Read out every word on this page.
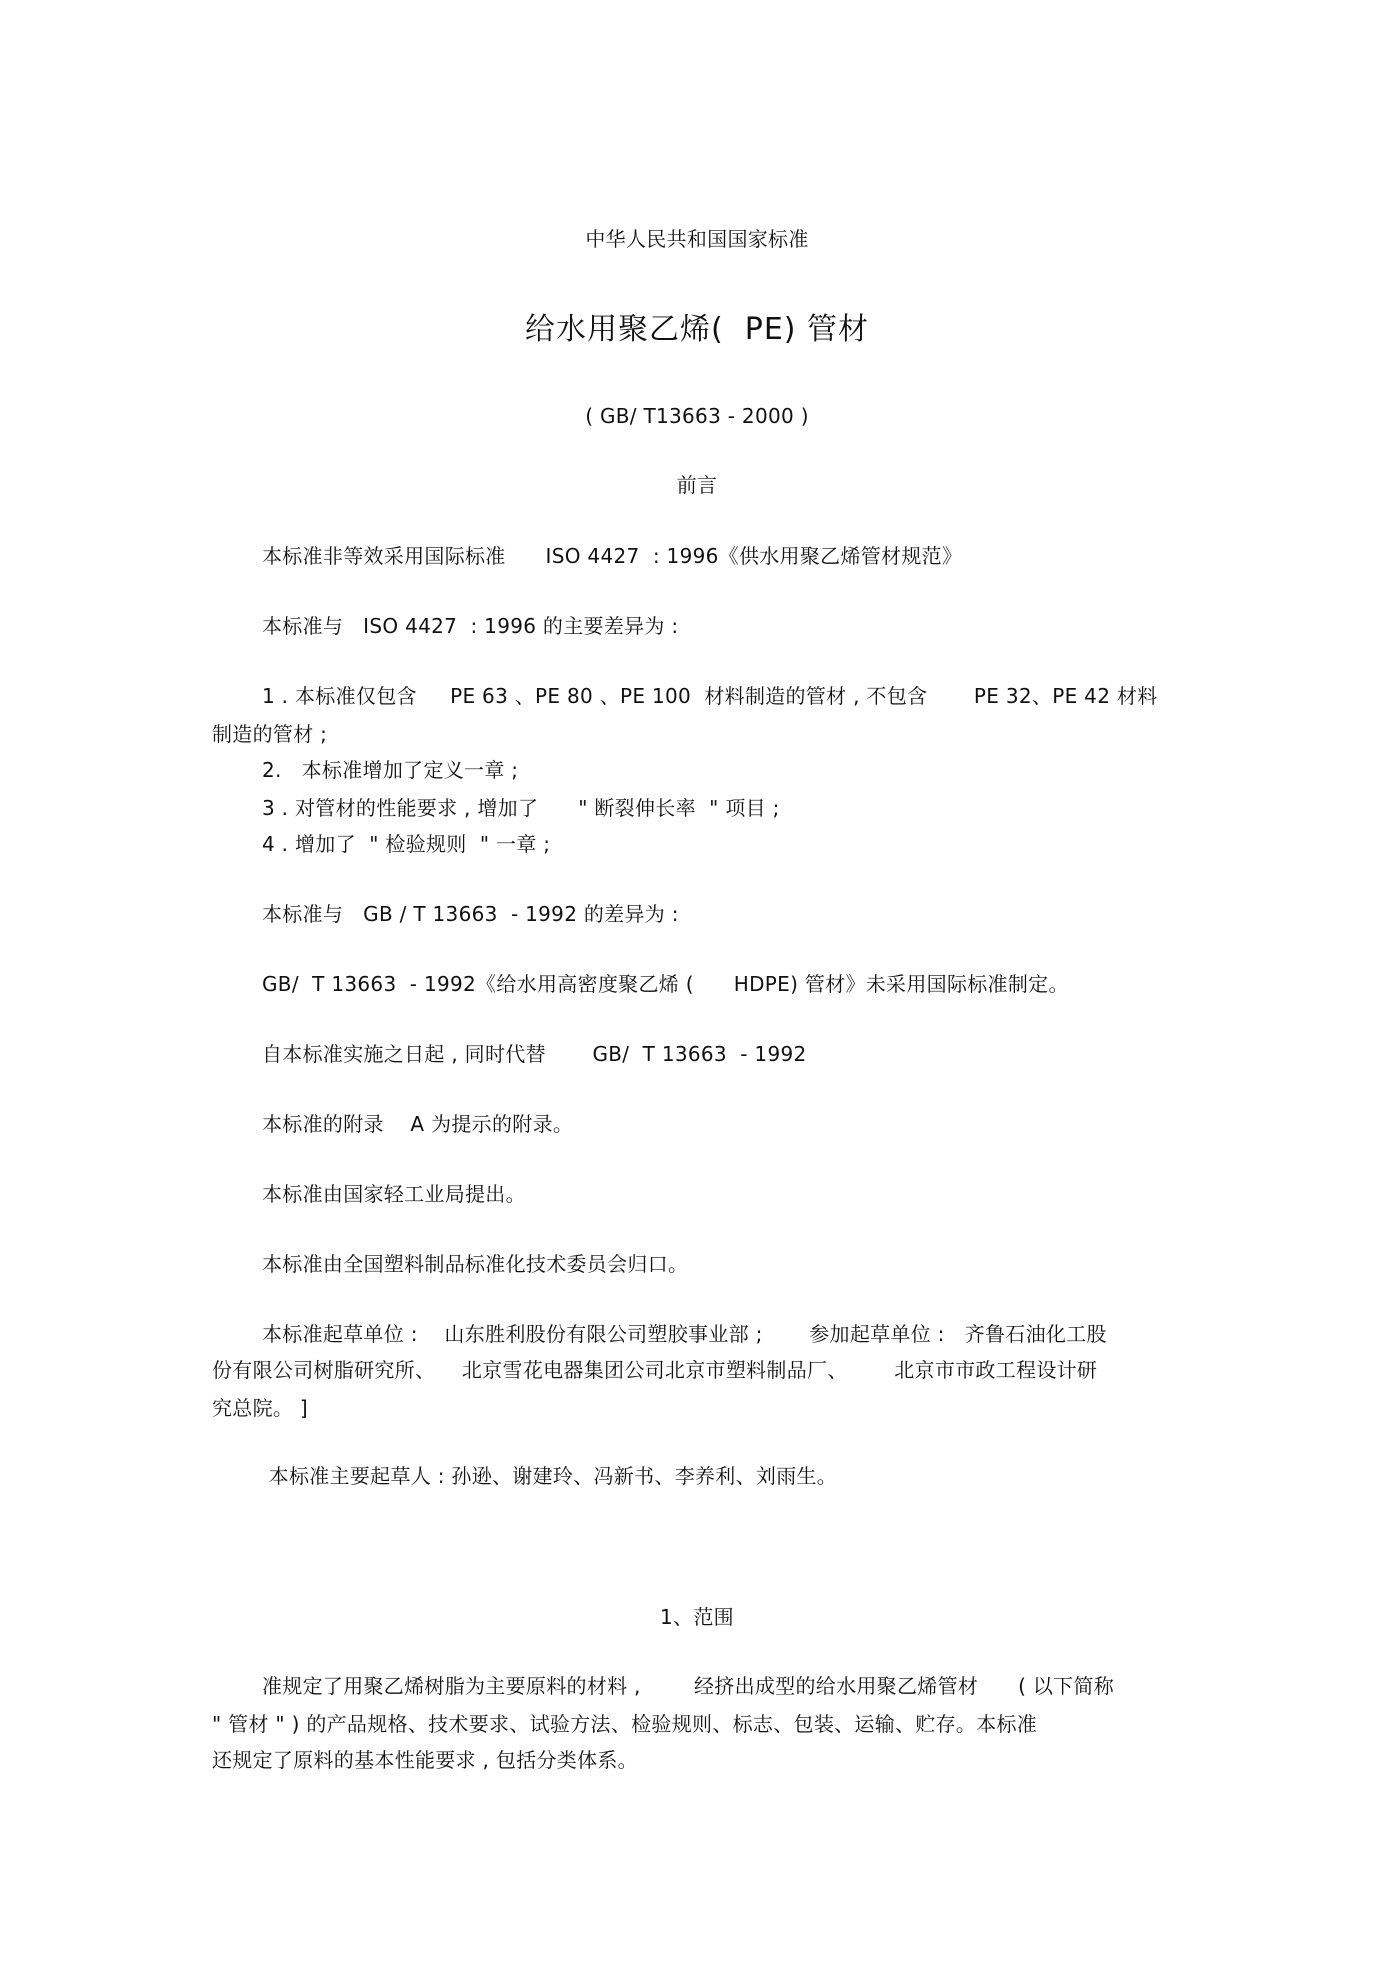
中华人民共和国国家标准
给水用聚乙烯(  PE) 管材
( GB/ T13663 - 2000 )
前言
本标准非等效采用国际标准      ISO 4427  : 1996《供水用聚乙烯管材规范》
本标准与   ISO 4427  : 1996 的主要差异为 :
1 . 本标准仅包含     PE 63 、PE 80 、PE 100  材料制造的管材 , 不包含       PE 32、PE 42 材料
制造的管材 ;
2.   本标准增加了定义一章 ;
3 . 对管材的性能要求 , 增加了      " 断裂伸长率  " 项目 ;
4 . 增加了  " 检验规则  " 一章 ;
本标准与   GB / T 13663  - 1992 的差异为 :
GB/  T 13663  - 1992《给水用高密度聚乙烯 (      HDPE) 管材》未采用国际标准制定。
自本标准实施之日起 , 同时代替       GB/  T 13663  - 1992
本标准的附录    A 为提示的附录。
本标准由国家轻工业局提出。
本标准由全国塑料制品标准化技术委员会归口。
本标准起草单位 :    山东胜利股份有限公司塑胶事业部 ;       参加起草单位 :   齐鲁石油化工股
份有限公司树脂研究所、    北京雪花电器集团公司北京市塑料制品厂、       北京市市政工程设计研
究总院。 ]
本标准主要起草人 : 孙逊、谢建玲、冯新书、李养利、刘雨生。
1、范围
准规定了用聚乙烯树脂为主要原料的材料 ,        经挤出成型的给水用聚乙烯管材      ( 以下简称
" 管材 " ) 的产品规格、技术要求、试验方法、检验规则、标志、包装、运输、贮存。本标准
还规定了原料的基本性能要求 , 包括分类体系。
